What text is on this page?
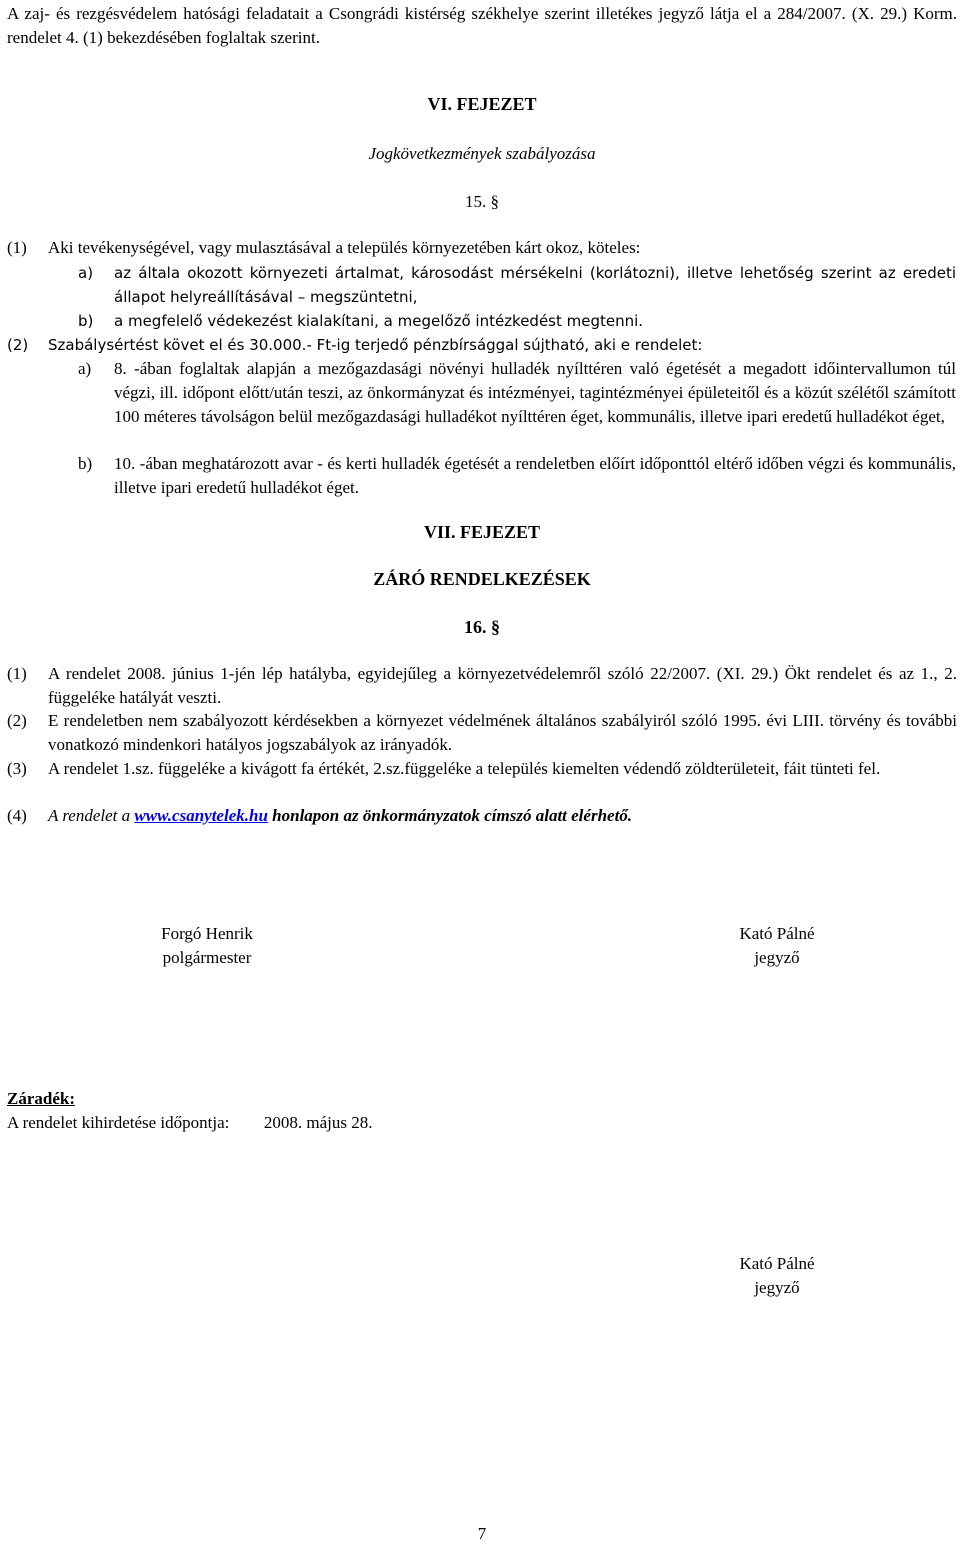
A zaj- és rezgésvédelem hatósági feladatait a Csongrádi kistérség székhelye szerint illetékes jegyző látja el a 284/2007. (X. 29.) Korm. rendelet 4. (1) bekezdésében foglaltak szerint.
VI. FEJEZET
Jogkövetkezmények szabályozása
15. §
(1)	Aki tevékenységével, vagy mulasztásával a település környezetében kárt okoz, köteles:
a) az általa okozott környezeti ártalmat, károsodást mérsékelni (korlátozni), illetve lehetőség szerint az eredeti állapot helyreállításával – megszüntetni,
b) a megfelelő védekezést kialakítani, a megelőző intézkedést megtenni.
(2)	Szabálysértést követ el és 30.000.- Ft-ig terjedő pénzbírsággal sújtható, aki e rendelet:
a) 8. -ában foglaltak alapján a mezőgazdasági növényi hulladék nyílttéren való égetését a megadott időintervallumon túl végzi, ill. időpont előtt/után teszi, az önkormányzat és intézményei, tagintézményei épületeitől és a közút szélétől számított 100 méteres távolságon belül mezőgazdasági hulladékot nyílttéren éget, kommunális, illetve ipari eredetű hulladékot éget,
b) 10. -ában meghatározott avar - és kerti hulladék égetését a rendeletben előírt időponttól eltérő időben végzi és kommunális, illetve ipari eredetű hulladékot éget.
VII. FEJEZET
ZÁRÓ RENDELKEZÉSEK
16. §
(1)	A rendelet 2008. június 1-jén lép hatályba, egyidejűleg a környezetvédelemről szóló 22/2007. (XI. 29.) Ökt rendelet és az 1., 2. függeléke hatályát veszti.
(2)	E rendeletben nem szabályozott kérdésekben a környezet védelmének általános szabályiról szóló 1995. évi LIII. törvény és további vonatkozó mindenkori hatályos jogszabályok az irányadók.
(3)	A rendelet 1.sz. függeléke a kivágott fa értékét, 2.sz.függeléke a település kiemelten védendő zöldterületeit, fáit tünteti fel.
(4)	A rendelet a www.csanytelek.hu honlapon az önkormányzatok címszó alatt elérhető.
Forgó Henrik
polgármester
Kató Pálné
jegyző
Záradék:
A rendelet kihirdetése időpontja: 2008. május 28.
Kató Pálné
jegyző
7
